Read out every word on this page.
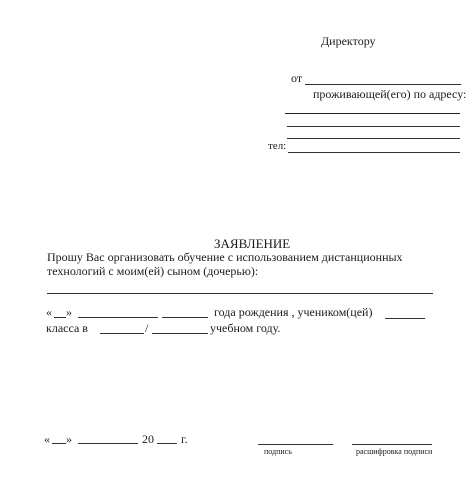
Директору
от
проживающей(его) по адресу:
тел:
ЗАЯВЛЕНИЕ
Прошу Вас организовать обучение с использованием дистанционных
технологий с моим(ей) сыном (дочерью):
« »	года рождения , учеником(цей)
класса в	/	учебном году.
« »	20 г.
подпись	расшифровка подписи
